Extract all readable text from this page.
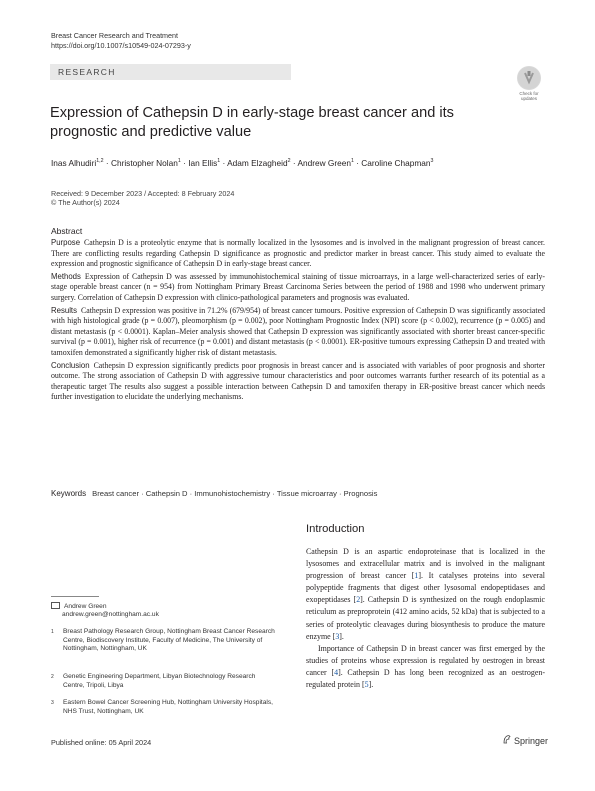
Breast Cancer Research and Treatment
https://doi.org/10.1007/s10549-024-07293-y
RESEARCH
Check for
updates
Expression of Cathepsin D in early-stage breast cancer and its prognostic and predictive value
Inas Alhudiri$^{1,2}$ · Christopher Nolan$^1$ · Ian Ellis$^1$ · Adam Elzagheid$^2$ · Andrew Green$^1$ · Caroline Chapman$^3$
Received: 9 December 2023 / Accepted: 8 February 2024
© The Author(s) 2024
Abstract

Purpose Cathepsin D is a proteolytic enzyme that is normally localized in the lysosomes and is involved in the malignant progression of breast cancer. There are conflicting results regarding Cathepsin D significance as prognostic and predictor marker in breast cancer. This study aimed to evaluate the expression and prognostic significance of Cathepsin D in early-stage breast cancer.

Methods Expression of Cathepsin D was assessed by immunohistochemical staining of tissue microarrays, in a large well-characterized series of early-stage operable breast cancer (n = 954) from Nottingham Primary Breast Carcinoma Series between the period of 1988 and 1998 who underwent primary surgery. Correlation of Cathepsin D expression with clinico-pathological parameters and prognosis was evaluated.

Results Cathepsin D expression was positive in 71.2% (679/954) of breast cancer tumours. Positive expression of Cathepsin D was significantly associated with high histological grade (p = 0.007), pleomorphism (p = 0.002), poor Nottingham Prognostic Index (NPI) score (p < 0.002), recurrence (p = 0.005) and distant metastasis (p < 0.0001). Kaplan–Meier analysis showed that Cathepsin D expression was significantly associated with shorter breast cancer-specific survival (p = 0.001), higher risk of recurrence (p = 0.001) and distant metastasis (p < 0.0001). ER-positive tumours expressing Cathepsin D and treated with tamoxifen demonstrated a significantly higher risk of distant metastasis.

Conclusion Cathepsin D expression significantly predicts poor prognosis in breast cancer and is associated with variables of poor prognosis and shorter outcome. The strong association of Cathepsin D with aggressive tumour characteristics and poor outcomes warrants further research of its potential as a therapeutic target The results also suggest a possible interaction between Cathepsin D and tamoxifen therapy in ER-positive breast cancer which needs further investigation to elucidate the underlying mechanisms.

Keywords Breast cancer · Cathepsin D · Immunohistochemistry · Tissue microarray · Prognosis
Introduction

Cathepsin D is an aspartic endoproteinase that is localized in the lysosomes and extracellular matrix and is involved in the malignant progression of breast cancer [1]. It catalyses proteins into several polypeptide fragments that digest other lysosomal endopeptidases and exopeptidases [2]. Cathepsin D is synthesized on the rough endoplasmic reticulum as preproprotein (412 amino acids, 52 kDa) that is subjected to a series of proteolytic cleavages during biosynthesis to produce the mature enzyme [3].

Importance of Cathepsin D in breast cancer was first emerged by the studies of proteins whose expression is regulated by oestrogen in breast cancer [4]. Cathepsin D has long been recognized as an oestrogen-regulated protein [5].

Andrew Green
andrew.green@nottingham.ac.uk
1	Breast Pathology Research Group, Nottingham Breast Cancer Research Centre, Biodiscovery Institute, Faculty of Medicine, The University of Nottingham, Nottingham, UK
2	Genetic Engineering Department, Libyan Biotechnology Research Centre, Tripoli, Libya
3	Eastern Bowel Cancer Screening Hub, Nottingham University Hospitals, NHS Trust, Nottingham, UK
Published online: 05 April 2024	Springer
